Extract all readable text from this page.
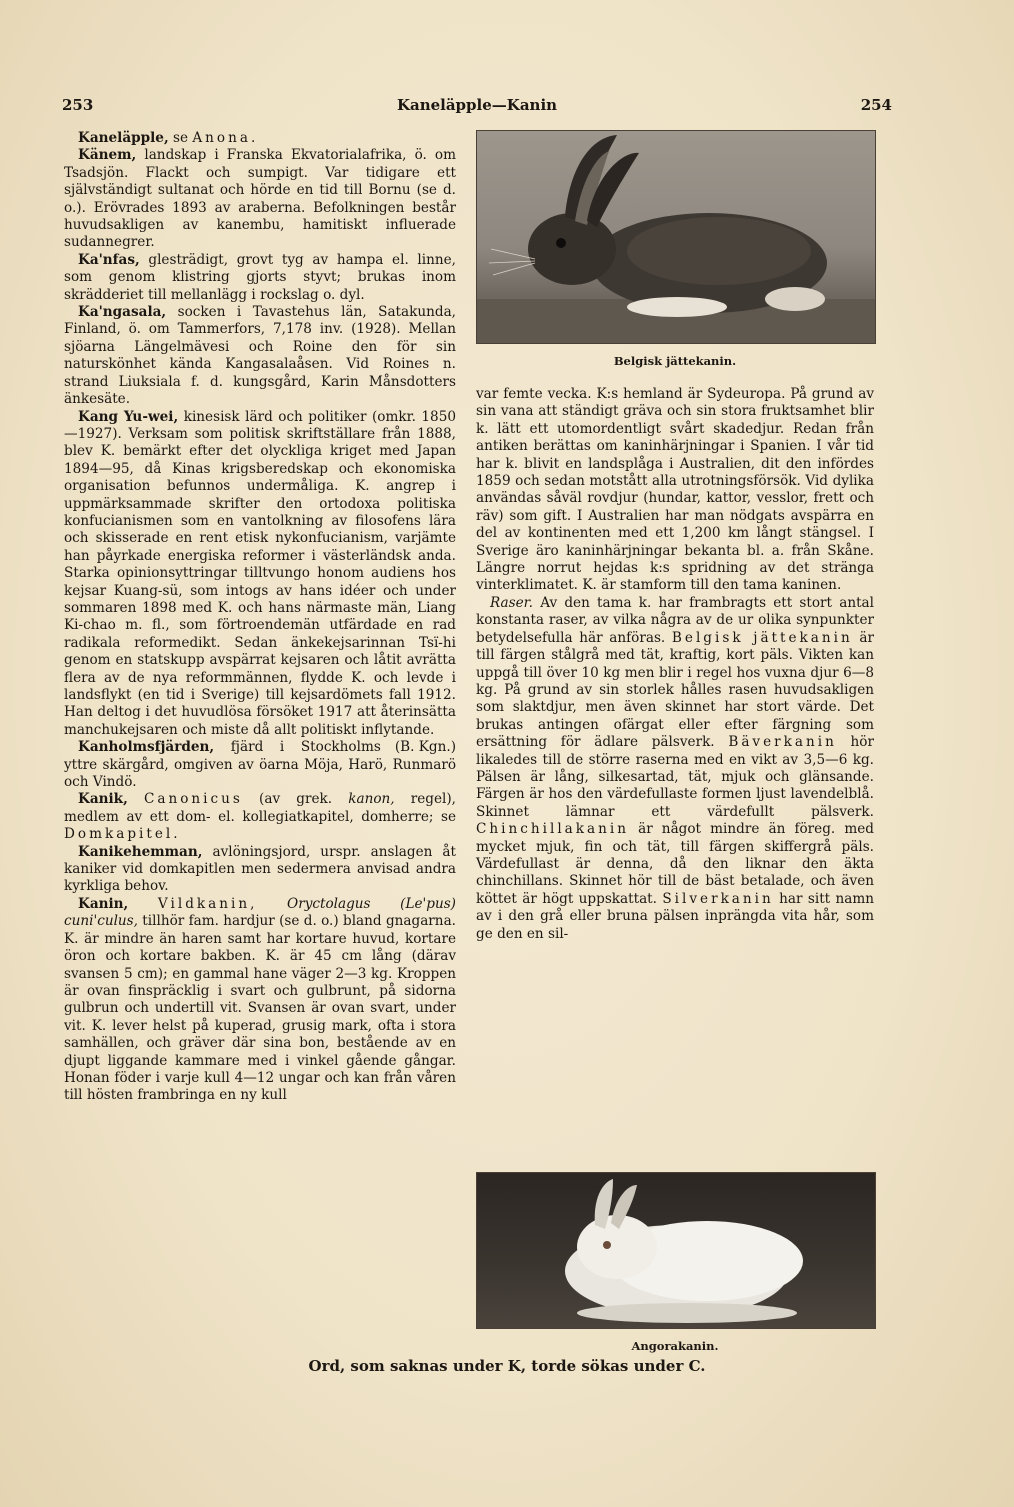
253	Kaneläpple—Kanin	254

Kaneläpple, se Anona.

Känem, landskap i Franska Ekvatorialafrika, ö. om Tsadsjön. Flackt och sumpigt. Var tidigare ett självständigt sultanat och hörde en tid till Bornu (se d. o.). Erövrades 1893 av araberna. Befolkningen består huvudsakligen av kanembu, hamitiskt influerade sudannegrer.

Ka'nfas, glesträdigt, grovt tyg av hampa el. linne, som genom klistring gjorts styvt; brukas inom skrädderiet till mellanlägg i rockslag o. dyl.

Ka'ngasala, socken i Tavastehus län, Satakunda, Finland, ö. om Tammerfors, 7,178 inv. (1928). Mellan sjöarna Längelmävesi och Roine den för sin naturskönhet kända Kangasalaåsen. Vid Roines n. strand Liuksiala f. d. kungsgård, Karin Månsdotters änkesäte.

Kang Yu-wei, kinesisk lärd och politiker (omkr. 1850—1927). Verksam som politisk skriftställare från 1888, blev K. bemärkt efter det olyckliga kriget med Japan 1894—95, då Kinas krigsberedskap och ekonomiska organisation befunnos undermåliga. K. angrep i uppmärksammade skrifter den ortodoxa politiska konfucianismen som en vantolkning av filosofens lära och skisserade en rent etisk nykonfucianism, varjämte han påyrkade energiska reformer i västerländsk anda. Starka opinionsyttringar tilltvungo honom audiens hos kejsar Kuang-sü, som intogs av hans idéer och under sommaren 1898 med K. och hans närmaste män, Liang Ki-chao m. fl., som förtroendemän utfärdade en rad radikala reformedikt. Sedan änkekejsarinnan Tsï-hi genom en statskupp avspärrat kejsaren och låtit avrätta flera av de nya reformmännen, flydde K. och levde i landsflykt (en tid i Sverige) till kejsardömets fall 1912. Han deltog i det huvudlösa försöket 1917 att återinsätta manchukejsaren och miste då allt politiskt inflytande.
(B. Kgn.)

Kanholmsfjärden, fjärd i Stockholms yttre skärgård, omgiven av öarna Möja, Harö, Runmarö och Vindö.

Kanik, Canonicus (av grek. kanon, regel), medlem av ett dom- el. kollegiatkapitel, domherre; se Domkapitel.

Kanikehemman, avlöningsjord, urspr. anslagen åt kaniker vid domkapitlen men sedermera anvisad andra kyrkliga behov.

Kanin, Vildkanin, Oryctolagus (Le'pus) cuni'culus, tillhör fam. hardjur (se d. o.) bland gnagarna. K. är mindre än haren samt har kortare huvud, kortare öron och kortare bakben. K. är 45 cm lång (därav svansen 5 cm); en gammal hane väger 2—3 kg. Kroppen är ovan finspräcklig i svart och gulbrunt, på sidorna gulbrun och undertill vit. Svansen är ovan svart, under vit. K. lever helst på kuperad, grusig mark, ofta i stora samhällen, och gräver där sina bon, bestående av en djupt liggande kammare med i vinkel gående gångar. Honan föder i varje kull 4—12 ungar och kan från våren till hösten frambringa en ny kull

Belgisk jättekanin.

var femte vecka. K:s hemland är Sydeuropa. På grund av sin vana att ständigt gräva och sin stora fruktsamhet blir k. lätt ett utomordentligt svårt skadedjur. Redan från antiken berättas om kaninhärjningar i Spanien. I vår tid har k. blivit en landsplåga i Australien, dit den infördes 1859 och sedan motstått alla utrotningsförsök. Vid dylika användas såväl rovdjur (hundar, kattor, vesslor, frett och räv) som gift. I Australien har man nödgats avspärra en del av kontinenten med ett 1,200 km långt stängsel. I Sverige äro kaninhärjningar bekanta bl. a. från Skåne. Längre norrut hejdas k:s spridning av det stränga vinterklimatet. K. är stamform till den tama kaninen.

Raser. Av den tama k. har frambragts ett stort antal konstanta raser, av vilka några av de ur olika synpunkter betydelsefulla här anföras. Belgisk jättekanin är till färgen stålgrå med tät, kraftig, kort päls. Vikten kan uppgå till över 10 kg men blir i regel hos vuxna djur 6—8 kg. På grund av sin storlek hålles rasen huvudsakligen som slaktdjur, men även skinnet har stort värde. Det brukas antingen ofärgat eller efter färgning som ersättning för ädlare pälsverk. Bäverkanin hör likaledes till de större raserna med en vikt av 3,5—6 kg. Pälsen är lång, silkesartad, tät, mjuk och glänsande. Färgen är hos den värdefullaste formen ljust lavendelblå. Skinnet lämnar ett värdefullt pälsverk. Chinchillakanin är något mindre än föreg. med mycket mjuk, fin och tät, till färgen skiffergrå päls. Värdefullast är denna, då den liknar den äkta chinchillans. Skinnet hör till de bäst betalade, och även köttet är högt uppskattat. Silverkanin har sitt namn av i den grå eller bruna pälsen inprängda vita hår, som ge den en sil-

Angorakanin.
Ord, som saknas under K, torde sökas under C.
